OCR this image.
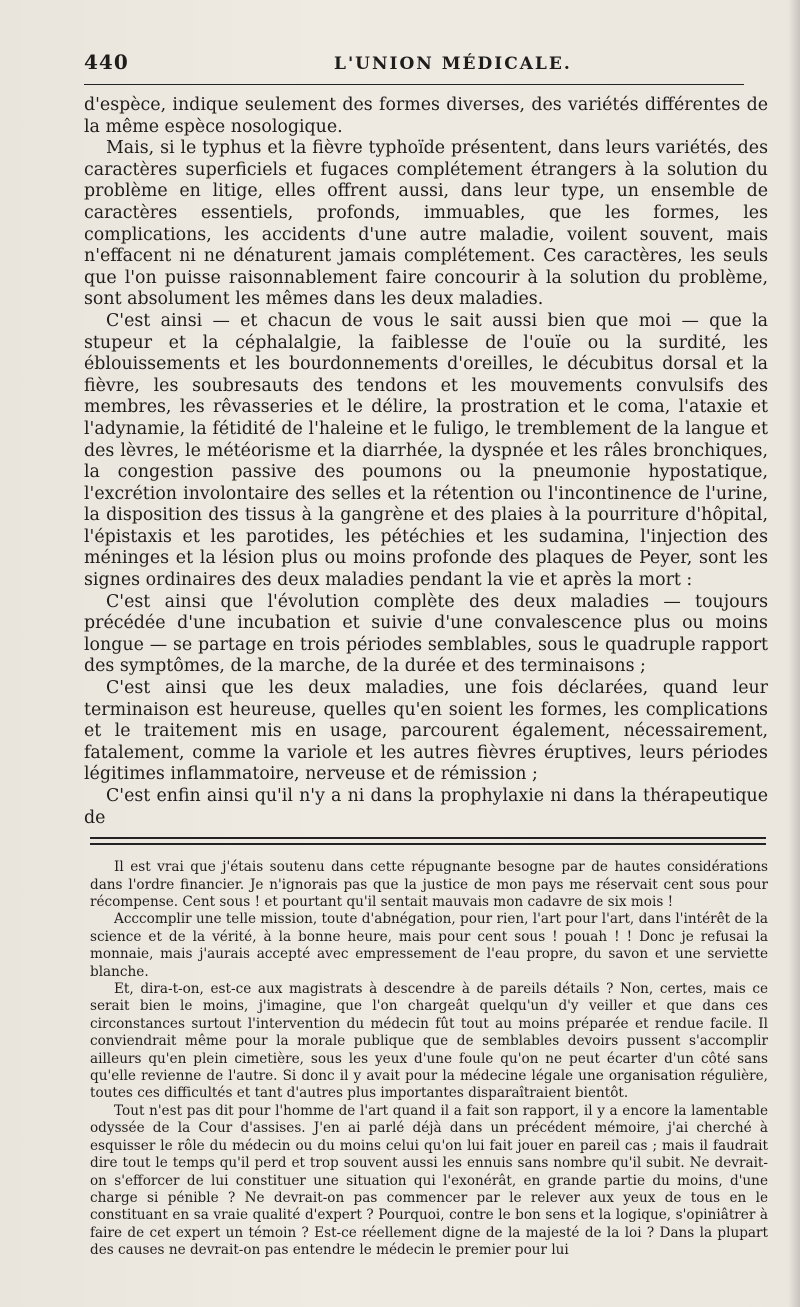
440	L'UNION MÉDICALE.

d'espèce, indique seulement des formes diverses, des variétés différentes de la même espèce nosologique.

Mais, si le typhus et la fièvre typhoïde présentent, dans leurs variétés, des caractères superficiels et fugaces complétement étrangers à la solution du problème en litige, elles offrent aussi, dans leur type, un ensemble de caractères essentiels, profonds, immuables, que les formes, les complications, les accidents d'une autre maladie, voilent souvent, mais n'effacent ni ne dénaturent jamais complétement. Ces caractères, les seuls que l'on puisse raisonnablement faire concourir à la solution du problème, sont absolument les mêmes dans les deux maladies.

C'est ainsi — et chacun de vous le sait aussi bien que moi — que la stupeur et la céphalalgie, la faiblesse de l'ouïe ou la surdité, les éblouissements et les bourdonnements d'oreilles, le décubitus dorsal et la fièvre, les soubresauts des tendons et les mouvements convulsifs des membres, les rêvasseries et le délire, la prostration et le coma, l'ataxie et l'adynamie, la fétidité de l'haleine et le fuligo, le tremblement de la langue et des lèvres, le météorisme et la diarrhée, la dyspnée et les râles bronchiques, la congestion passive des poumons ou la pneumonie hypostatique, l'excrétion involontaire des selles et la rétention ou l'incontinence de l'urine, la disposition des tissus à la gangrène et des plaies à la pourriture d'hôpital, l'épistaxis et les parotides, les pétéchies et les sudamina, l'injection des méninges et la lésion plus ou moins profonde des plaques de Peyer, sont les signes ordinaires des deux maladies pendant la vie et après la mort :

C'est ainsi que l'évolution complète des deux maladies — toujours précédée d'une incubation et suivie d'une convalescence plus ou moins longue — se partage en trois périodes semblables, sous le quadruple rapport des symptômes, de la marche, de la durée et des terminaisons ;

C'est ainsi que les deux maladies, une fois déclarées, quand leur terminaison est heureuse, quelles qu'en soient les formes, les complications et le traitement mis en usage, parcourent également, nécessairement, fatalement, comme la variole et les autres fièvres éruptives, leurs périodes légitimes inflammatoire, nerveuse et de rémission ;

C'est enfin ainsi qu'il n'y a ni dans la prophylaxie ni dans la thérapeutique de

Il est vrai que j'étais soutenu dans cette répugnante besogne par de hautes considérations dans l'ordre financier. Je n'ignorais pas que la justice de mon pays me réservait cent sous pour récompense. Cent sous ! et pourtant qu'il sentait mauvais mon cadavre de six mois !

Acccomplir une telle mission, toute d'abnégation, pour rien, l'art pour l'art, dans l'intérêt de la science et de la vérité, à la bonne heure, mais pour cent sous ! pouah ! ! Donc je refusai la monnaie, mais j'aurais accepté avec empressement de l'eau propre, du savon et une serviette blanche.

Et, dira-t-on, est-ce aux magistrats à descendre à de pareils détails ? Non, certes, mais ce serait bien le moins, j'imagine, que l'on chargeât quelqu'un d'y veiller et que dans ces circonstances surtout l'intervention du médecin fût tout au moins préparée et rendue facile. Il conviendrait même pour la morale publique que de semblables devoirs pussent s'accomplir ailleurs qu'en plein cimetière, sous les yeux d'une foule qu'on ne peut écarter d'un côté sans qu'elle revienne de l'autre. Si donc il y avait pour la médecine légale une organisation régulière, toutes ces difficultés et tant d'autres plus importantes disparaîtraient bientôt.

Tout n'est pas dit pour l'homme de l'art quand il a fait son rapport, il y a encore la lamentable odyssée de la Cour d'assises. J'en ai parlé déjà dans un précédent mémoire, j'ai cherché à esquisser le rôle du médecin ou du moins celui qu'on lui fait jouer en pareil cas ; mais il faudrait dire tout le temps qu'il perd et trop souvent aussi les ennuis sans nombre qu'il subit. Ne devrait-on s'efforcer de lui constituer une situation qui l'exonérât, en grande partie du moins, d'une charge si pénible ? Ne devrait-on pas commencer par le relever aux yeux de tous en le constituant en sa vraie qualité d'expert ? Pourquoi, contre le bon sens et la logique, s'opiniâtrer à faire de cet expert un témoin ? Est-ce réellement digne de la majesté de la loi ? Dans la plupart des causes ne devrait-on pas entendre le médecin le premier pour lui
